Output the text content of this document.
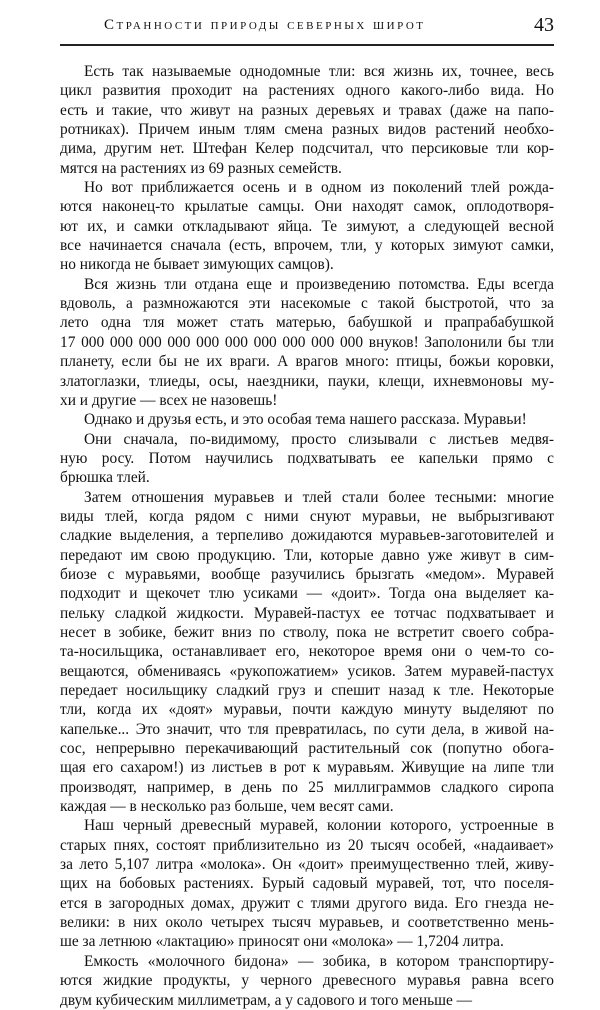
Странности природы северных широт	43
Есть так называемые однодомные тли: вся жизнь их, точнее, весь
цикл развития проходит на растениях одного какого-либо вида. Но
есть и такие, что живут на разных деревьях и травах (даже на папо-
ротниках). Причем иным тлям смена разных видов растений необхо-
дима, другим нет. Штефан Келер подсчитал, что персиковые тли кор-
мятся на растениях из 69 разных семейств.
Но вот приближается осень и в одном из поколений тлей рожда-
ются наконец-то крылатые самцы. Они находят самок, оплодотворя-
ют их, и самки откладывают яйца. Те зимуют, а следующей весной
все начинается сначала (есть, впрочем, тли, у которых зимуют самки,
но никогда не бывает зимующих самцов).
Вся жизнь тли отдана еще и произведению потомства. Еды всегда
вдоволь, а размножаются эти насекомые с такой быстротой, что за
лето одна тля может стать матерью, бабушкой и прапрабабушкой
17 000 000 000 000 000 000 000 000 000 000 внуков! Заполонили бы тли
планету, если бы не их враги. А врагов много: птицы, божьи коровки,
златоглазки, тлиеды, осы, наездники, пауки, клещи, ихневмоновы му-
хи и другие — всех не назовешь!
Однако и друзья есть, и это особая тема нашего рассказа. Муравьи!
Они сначала, по-видимому, просто слизывали с листьев медвя-
ную росу. Потом научились подхватывать ее капельки прямо с
брюшка тлей.
Затем отношения муравьев и тлей стали более тесными: многие
виды тлей, когда рядом с ними снуют муравьи, не выбрызгивают
сладкие выделения, а терпеливо дожидаются муравьев-заготовителей и
передают им свою продукцию. Тли, которые давно уже живут в сим-
биозе с муравьями, вообще разучились брызгать «медом». Муравей
подходит и щекочет тлю усиками — «доит». Тогда она выделяет ка-
пельку сладкой жидкости. Муравей-пастух ее тотчас подхватывает и
несет в зобике, бежит вниз по стволу, пока не встретит своего собра-
та-носильщика, останавливает его, некоторое время они о чем-то со-
вещаются, обмениваясь «рукопожатием» усиков. Затем муравей-пастух
передает носильщику сладкий груз и спешит назад к тле. Некоторые
тли, когда их «доят» муравьи, почти каждую минуту выделяют по
капельке... Это значит, что тля превратилась, по сути дела, в живой на-
сос, непрерывно перекачивающий растительный сок (попутно обога-
щая его сахаром!) из листьев в рот к муравьям. Живущие на липе тли
производят, например, в день по 25 миллиграммов сладкого сиропа
каждая — в несколько раз больше, чем весят сами.
Наш черный древесный муравей, колонии которого, устроенные в
старых пнях, состоят приблизительно из 20 тысяч особей, «надаивает»
за лето 5,107 литра «молока». Он «доит» преимущественно тлей, живу-
щих на бобовых растениях. Бурый садовый муравей, тот, что поселя-
ется в загородных домах, дружит с тлями другого вида. Его гнезда не-
велики: в них около четырех тысяч муравьев, и соответственно мень-
ше за летнюю «лактацию» приносят они «молока» — 1,7204 литра.
Емкость «молочного бидона» — зобика, в котором транспортиру-
ются жидкие продукты, у черного древесного муравья равна всего
двум кубическим миллиметрам, а у садового и того меньше —
